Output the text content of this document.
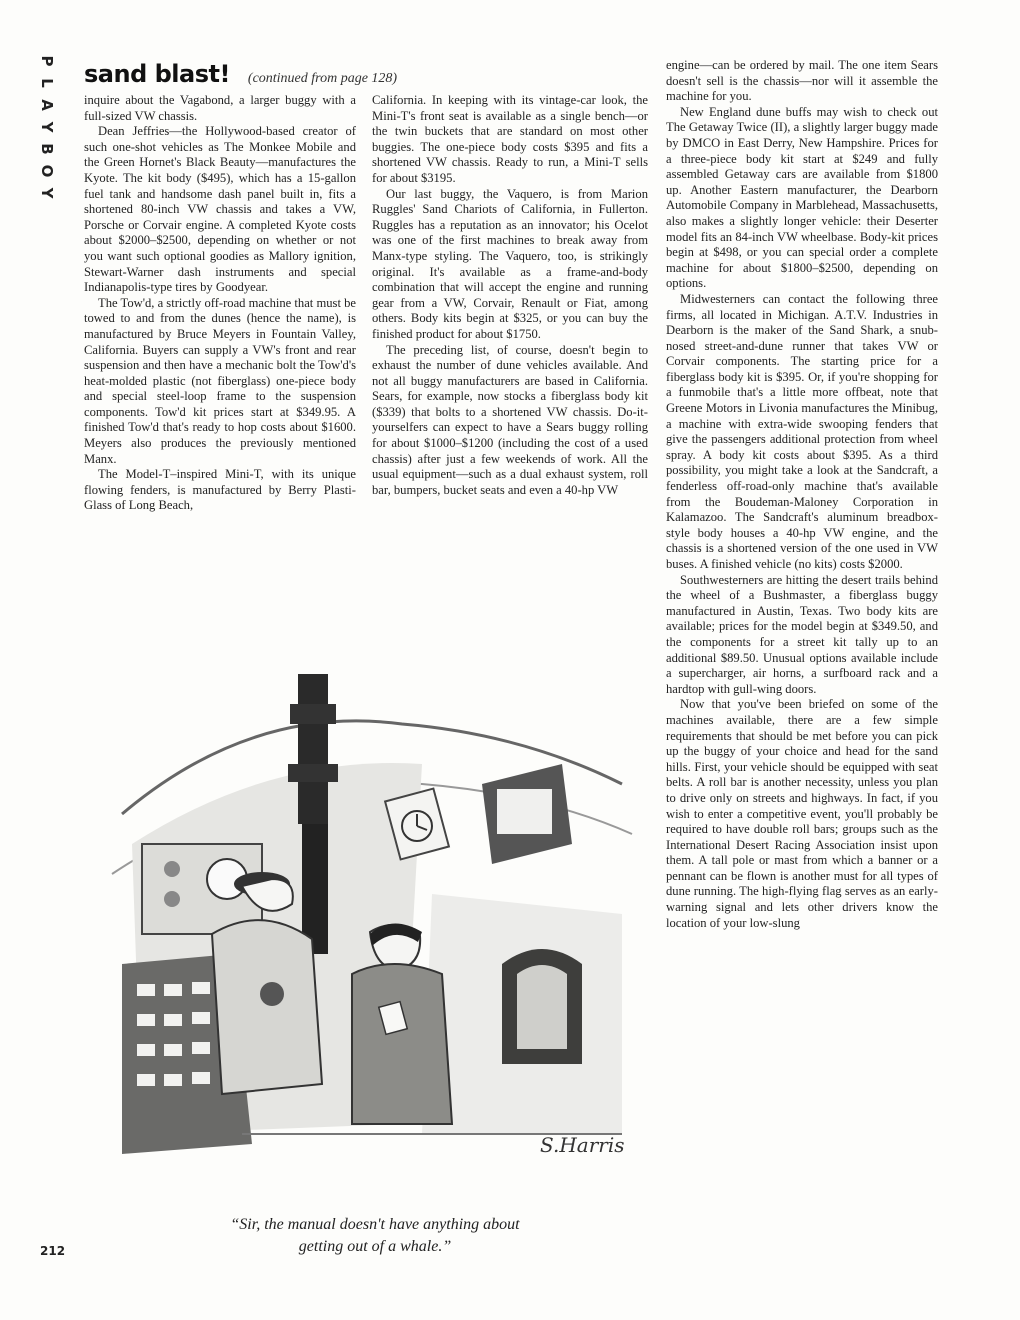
P
L
A
Y
B
O
Y
sand blast! (continued from page 128)

inquire about the Vagabond, a larger buggy with a full-sized VW chassis.

Dean Jeffries—the Hollywood-based creator of such one-shot vehicles as The Monkee Mobile and the Green Hornet's Black Beauty—manufactures the Kyote. The kit body ($495), which has a 15-gallon fuel tank and handsome dash panel built in, fits a shortened 80-inch VW chassis and takes a VW, Porsche or Corvair engine. A completed Kyote costs about $2000–$2500, depending on whether or not you want such optional goodies as Mallory ignition, Stewart-Warner dash instruments and special Indianapolis-type tires by Goodyear.

The Tow'd, a strictly off-road machine that must be towed to and from the dunes (hence the name), is manufactured by Bruce Meyers in Fountain Valley, California. Buyers can supply a VW's front and rear suspension and then have a mechanic bolt the Tow'd's heat-molded plastic (not fiberglass) one-piece body and special steel-loop frame to the suspension components. Tow'd kit prices start at $349.95. A finished Tow'd that's ready to hop costs about $1600. Meyers also produces the previously mentioned Manx.

The Model-T–inspired Mini-T, with its unique flowing fenders, is manufactured by Berry Plasti-Glass of Long Beach,

California. In keeping with its vintage-car look, the Mini-T's front seat is available as a single bench—or the twin buckets that are standard on most other buggies. The one-piece body costs $395 and fits a shortened VW chassis. Ready to run, a Mini-T sells for about $3195.

Our last buggy, the Vaquero, is from Marion Ruggles' Sand Chariots of California, in Fullerton. Ruggles has a reputation as an innovator; his Ocelot was one of the first machines to break away from Manx-type styling. The Vaquero, too, is strikingly original. It's available as a frame-and-body combination that will accept the engine and running gear from a VW, Corvair, Renault or Fiat, among others. Body kits begin at $325, or you can buy the finished product for about $1750.

The preceding list, of course, doesn't begin to exhaust the number of dune vehicles available. And not all buggy manufacturers are based in California. Sears, for example, now stocks a fiberglass body kit ($339) that bolts to a shortened VW chassis. Do-it-yourselfers can expect to have a Sears buggy rolling for about $1000–$1200 (including the cost of a used chassis) after just a few weekends of work. All the usual equipment—such as a dual exhaust system, roll bar, bumpers, bucket seats and even a 40-hp VW

engine—can be ordered by mail. The one item Sears doesn't sell is the chassis—nor will it assemble the machine for you.

New England dune buffs may wish to check out The Getaway Twice (II), a slightly larger buggy made by DMCO in East Derry, New Hampshire. Prices for a three-piece body kit start at $249 and fully assembled Getaway cars are available from $1800 up. Another Eastern manufacturer, the Dearborn Automobile Company in Marblehead, Massachusetts, also makes a slightly longer vehicle: their Deserter model fits an 84-inch VW wheelbase. Body-kit prices begin at $498, or you can special order a complete machine for about $1800–$2500, depending on options.

Midwesterners can contact the following three firms, all located in Michigan. A.T.V. Industries in Dearborn is the maker of the Sand Shark, a snub-nosed street-and-dune runner that takes VW or Corvair components. The starting price for a fiberglass body kit is $395. Or, if you're shopping for a funmobile that's a little more offbeat, note that Greene Motors in Livonia manufactures the Minibug, a machine with extra-wide swooping fenders that give the passengers additional protection from wheel spray. A body kit costs about $395. As a third possibility, you might take a look at the Sandcraft, a fenderless off-road-only machine that's available from the Boudeman-Maloney Corporation in Kalamazoo. The Sandcraft's aluminum breadbox-style body houses a 40-hp VW engine, and the chassis is a shortened version of the one used in VW buses. A finished vehicle (no kits) costs $2000.

Southwesterners are hitting the desert trails behind the wheel of a Bushmaster, a fiberglass buggy manufactured in Austin, Texas. Two body kits are available; prices for the model begin at $349.50, and the components for a street kit tally up to an additional $89.50. Unusual options available include a supercharger, air horns, a surfboard rack and a hardtop with gull-wing doors.

Now that you've been briefed on some of the machines available, there are a few simple requirements that should be met before you can pick up the buggy of your choice and head for the sand hills. First, your vehicle should be equipped with seat belts. A roll bar is another necessity, unless you plan to drive only on streets and highways. In fact, if you wish to enter a competitive event, you'll probably be required to have double roll bars; groups such as the International Desert Racing Association insist upon them. A tall pole or mast from which a banner or a pennant can be flown is another must for all types of dune running. The high-flying flag serves as an early-warning signal and lets other drivers know the location of your low-slung

S.Harris
“Sir, the manual doesn't have anything about
getting out of a whale.”
212
